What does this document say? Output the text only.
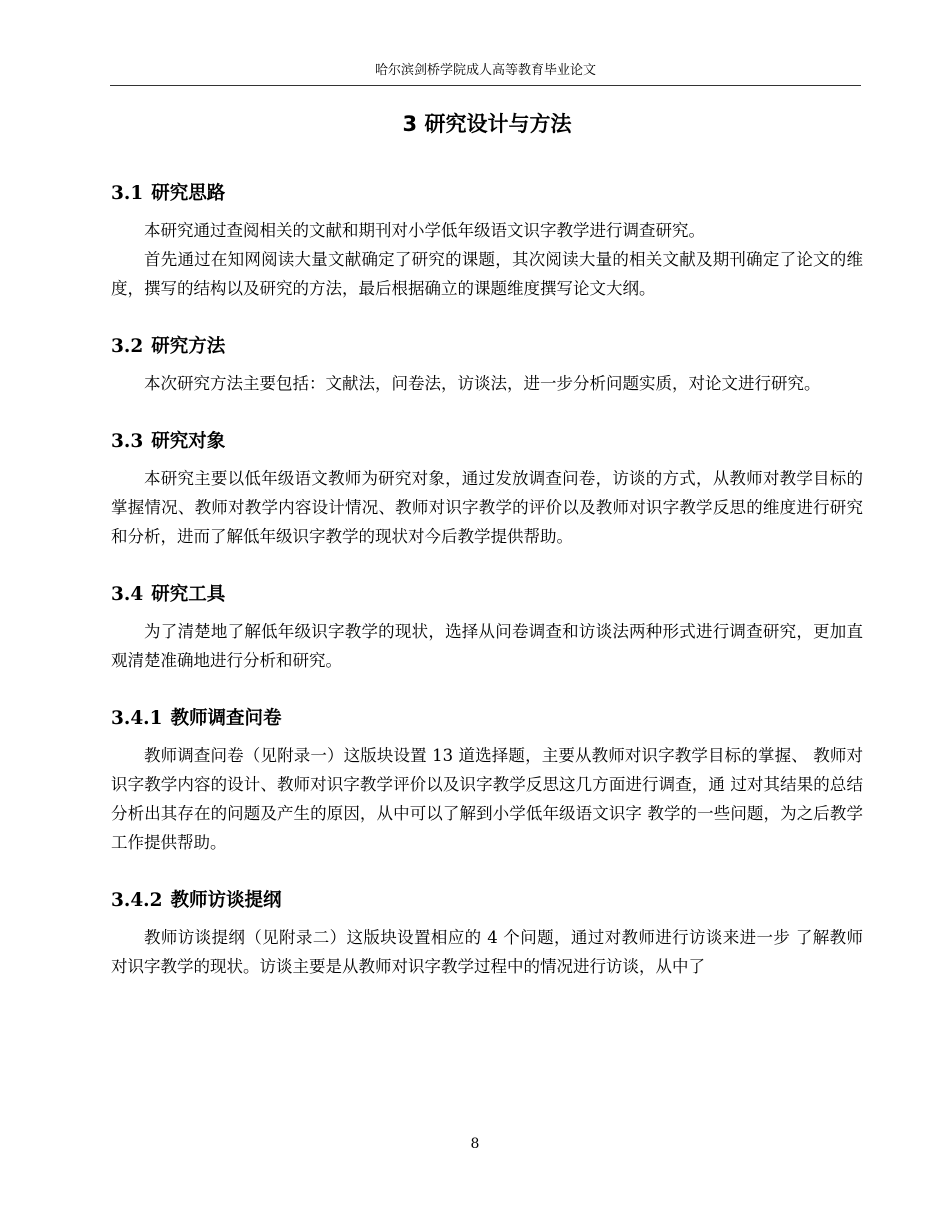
哈尔滨剑桥学院成人高等教育毕业论文
3 研究设计与方法
3.1 研究思路

本研究通过查阅相关的文献和期刊对小学低年级语文识字教学进行调查研究。

首先通过在知网阅读大量文献确定了研究的课题，其次阅读大量的相关文献及期刊确定了论文的维度，撰写的结构以及研究的方法，最后根据确立的课题维度撰写论文大纲。

3.2 研究方法

本次研究方法主要包括：文献法，问卷法，访谈法，进一步分析问题实质，对论文进行研究。

3.3 研究对象

本研究主要以低年级语文教师为研究对象，通过发放调查问卷，访谈的方式，从教师对教学目标的掌握情况、教师对教学内容设计情况、教师对识字教学的评价以及教师对识字教学反思的维度进行研究和分析，进而了解低年级识字教学的现状对今后教学提供帮助。

3.4 研究工具

为了清楚地了解低年级识字教学的现状，选择从问卷调查和访谈法两种形式进行调查研究，更加直观清楚准确地进行分析和研究。

3.4.1 教师调查问卷

教师调查问卷（见附录一）这版块设置 13 道选择题，主要从教师对识字教学目标的掌握、 教师对识字教学内容的设计、教师对识字教学评价以及识字教学反思这几方面进行调查，通 过对其结果的总结分析出其存在的问题及产生的原因，从中可以了解到小学低年级语文识字 教学的一些问题，为之后教学工作提供帮助。

3.4.2 教师访谈提纲

教师访谈提纲（见附录二）这版块设置相应的 4 个问题，通过对教师进行访谈来进一步 了解教师对识字教学的现状。访谈主要是从教师对识字教学过程中的情况进行访谈，从中了

8
